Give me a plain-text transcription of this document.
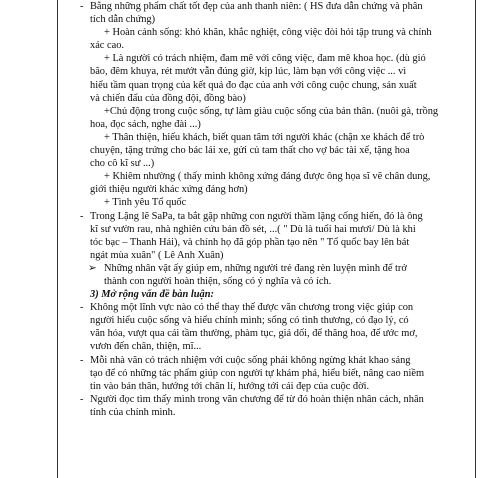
- Bằng những phẩm chất tốt đẹp của anh thanh niên: ( HS đưa dẫn chứng và phân
tích dẫn chứng)
+ Hoàn cảnh sống: khó khăn, khắc nghiệt, công việc đòi hỏi tập trung và chính
xác cao.
+ Là người có trách nhiệm, đam mê với công việc, đam mê khoa học. (dù gió
bão, đêm khuya, rét mướt vẫn đúng giờ, kịp lúc, làm bạn với công việc ... vì
hiểu tầm quan trọng của kết quả đo đạc của anh với công cuộc chung, sản xuất
và chiến đấu của đồng đội, đồng bào)
+Chủ động trong cuộc sống, tự làm giàu cuộc sống của bản thân. (nuôi gà, trồng
hoa, đọc sách, nghe đài ...)
+ Thân thiện, hiếu khách, biết quan tâm tới người khác (chặn xe khách để trò
chuyện, tặng trứng cho bác lái xe, gửi củ tam thất cho vợ bác tài xế, tặng hoa
cho cô kĩ sư ...)
+ Khiêm nhường ( thấy mình không xứng đáng được ông họa sĩ vẽ chân dung,
giới thiệu người khác xứng đáng hơn)
+ Tình yêu Tổ quốc
- Trong Lặng lẽ SaPa, ta bắt gặp những con người thầm lặng cống hiến, đó là ông
kĩ sư vườn rau, nhà nghiên cứu bản đồ sét, ...( " Dù là tuổi hai mươi/ Dù là khi
tóc bạc – Thanh Hải), và chính họ đã góp phần tạo nên " Tổ quốc bay lên bát
ngát mùa xuân" ( Lê Anh Xuân)
➢ Những nhân vật ấy giúp em, những người trẻ đang rèn luyện mình để trở
thành con người hoàn thiện, sống có ý nghĩa và có ích.
3) Mở rộng vấn đề bàn luận:
- Không một lĩnh vực nào có thể thay thế được văn chương trong việc giúp con
người hiểu cuộc sống và hiểu chính mình; sống có tình thương, có đạo lý, có
văn hóa, vượt qua cái tầm thường, phàm tục, giả dối, để thăng hoa, để ước mơ,
vươn đến chân, thiện, mĩ...
- Mỗi nhà văn có trách nhiệm với cuộc sống phải không ngừng khát khao sáng
tạo để có những tác phẩm giúp con người tự khám phá, hiểu biết, nâng cao niềm
tin vào bản thân, hướng tới chân lí, hướng tới cái đẹp của cuộc đời.
- Người đọc tìm thấy mình trong văn chương để từ đó hoàn thiện nhân cách, nhân
tính của chính mình.
